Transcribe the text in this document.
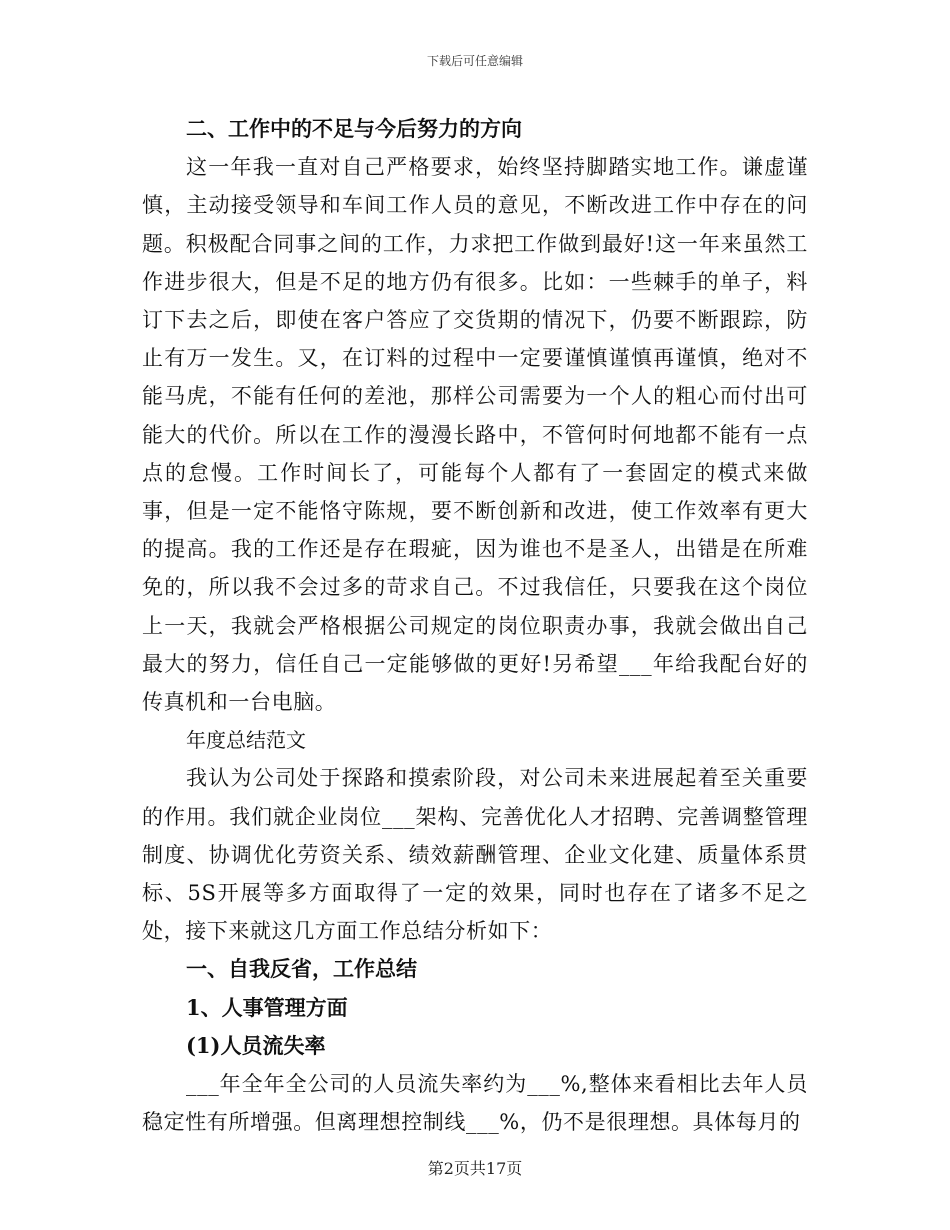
下载后可任意编辑

二、工作中的不足与今后努力的方向

这一年我一直对自己严格要求，始终坚持脚踏实地工作。谦虚谨慎，主动接受领导和车间工作人员的意见，不断改进工作中存在的问题。积极配合同事之间的工作，力求把工作做到最好!这一年来虽然工作进步很大，但是不足的地方仍有很多。比如：一些棘手的单子，料订下去之后，即使在客户答应了交货期的情况下，仍要不断跟踪，防止有万一发生。又，在订料的过程中一定要谨慎谨慎再谨慎，绝对不能马虎，不能有任何的差池，那样公司需要为一个人的粗心而付出可能大的代价。所以在工作的漫漫长路中，不管何时何地都不能有一点点的怠慢。工作时间长了，可能每个人都有了一套固定的模式来做事，但是一定不能恪守陈规，要不断创新和改进，使工作效率有更大的提高。我的工作还是存在瑕疵，因为谁也不是圣人，出错是在所难免的，所以我不会过多的苛求自己。不过我信任，只要我在这个岗位上一天，我就会严格根据公司规定的岗位职责办事，我就会做出自己最大的努力，信任自己一定能够做的更好!另希望___年给我配台好的传真机和一台电脑。

年度总结范文

我认为公司处于探路和摸索阶段，对公司未来进展起着至关重要的作用。我们就企业岗位___架构、完善优化人才招聘、完善调整管理制度、协调优化劳资关系、绩效薪酬管理、企业文化建、质量体系贯标、5S开展等多方面取得了一定的效果，同时也存在了诸多不足之处，接下来就这几方面工作总结分析如下：

一、自我反省，工作总结

1、人事管理方面

(1)人员流失率

___年全年全公司的人员流失率约为___%,整体来看相比去年人员稳定性有所增强。但离理想控制线___%，仍不是很理想。具体每月的

第2页共17页
